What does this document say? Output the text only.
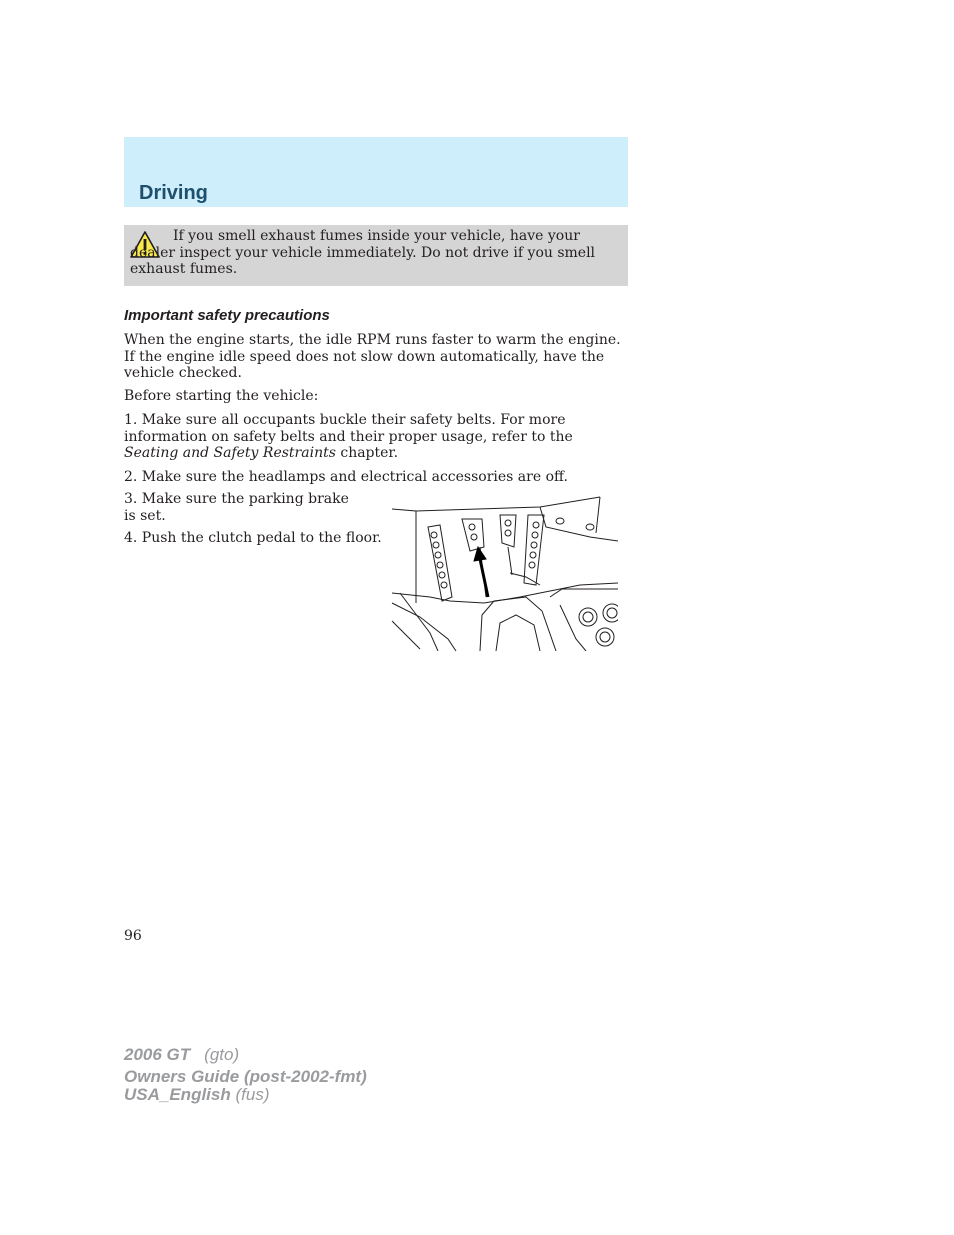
Driving

If you smell exhaust fumes inside your vehicle, have your dealer inspect your vehicle immediately. Do not drive if you smell exhaust fumes.

Important safety precautions

When the engine starts, the idle RPM runs faster to warm the engine. If the engine idle speed does not slow down automatically, have the vehicle checked.

Before starting the vehicle:

1. Make sure all occupants buckle their safety belts. For more information on safety belts and their proper usage, refer to the Seating and Safety Restraints chapter.

2. Make sure the headlamps and electrical accessories are off.

3. Make sure the parking brake is set.

4. Push the clutch pedal to the floor.

96
2006 GT (gto)
Owners Guide (post-2002-fmt)
USA_English (fus)
